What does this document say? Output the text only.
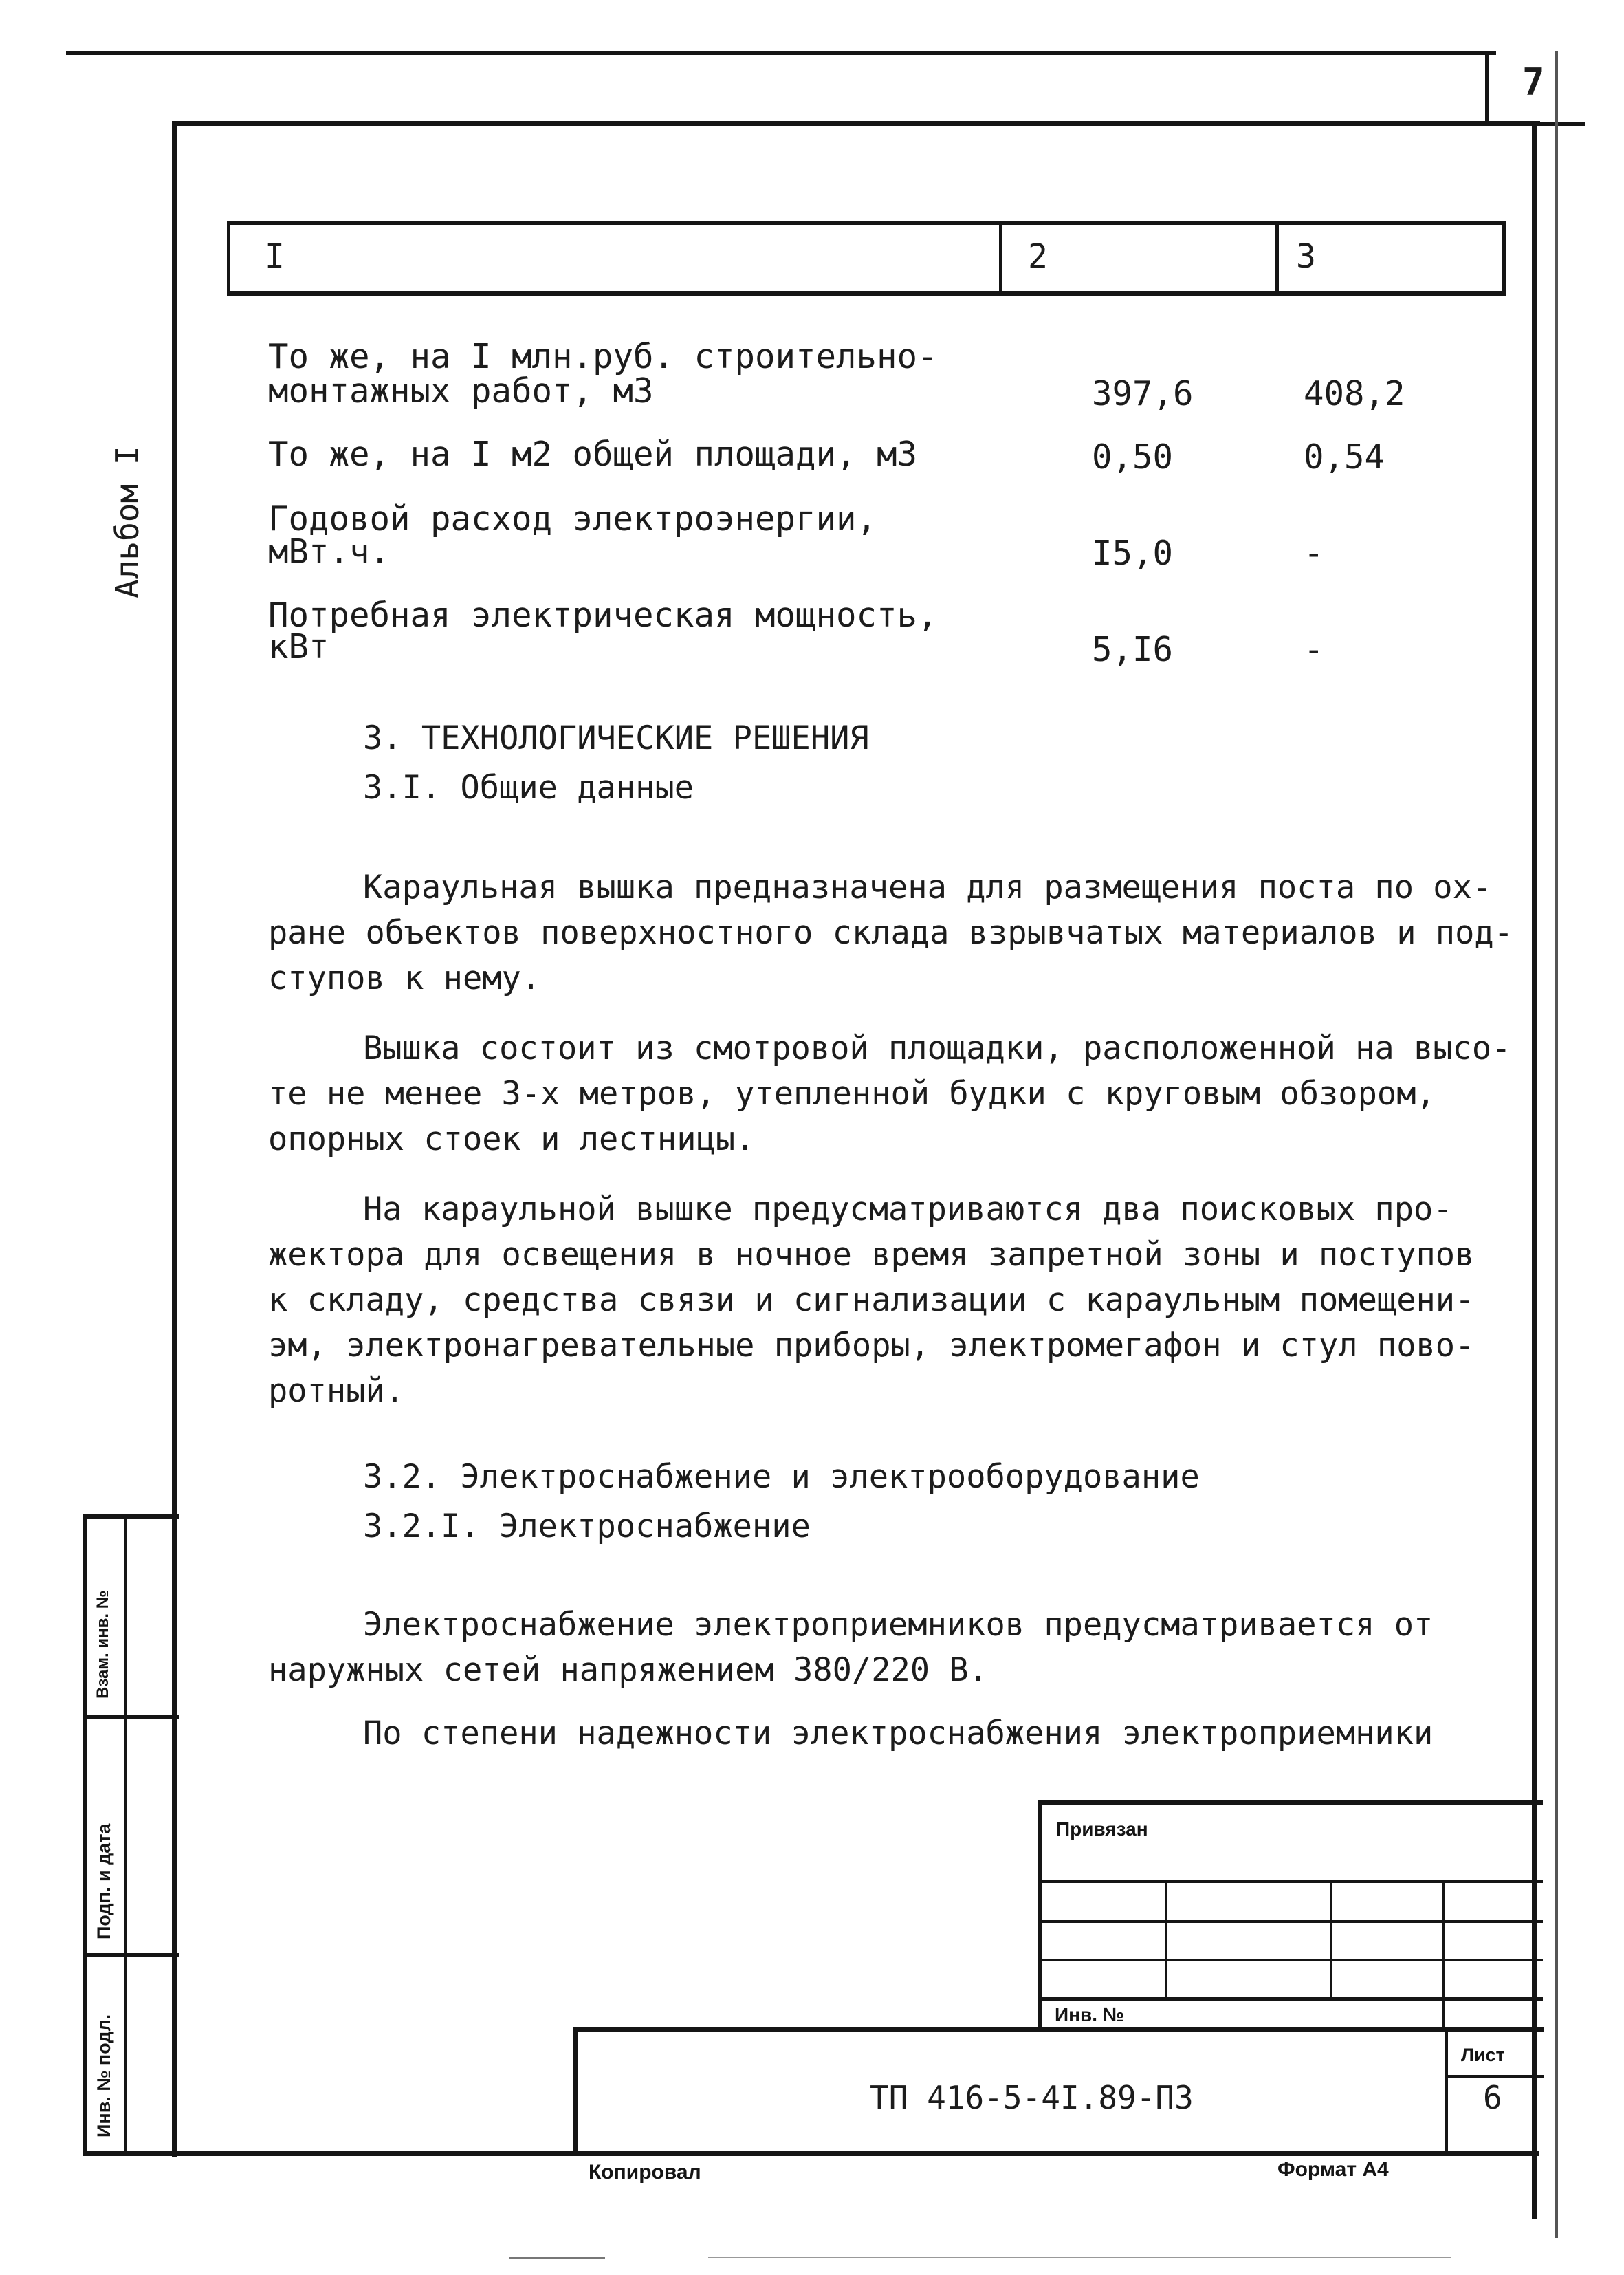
7
Альбом I
I	2	3
То же, на I млн.руб. строительно-
монтажных работ, м3	397,6	408,2
То же, на I м2 общей площади, м3	0,50	0,54
Годовой расход электроэнергии,
мВт.ч.	I5,0	-
Потребная электрическая мощность,
кВт	5,I6	-
3. ТЕХНОЛОГИЧЕСКИЕ РЕШЕНИЯ
3.I. Общие данные
Караульная вышка предназначена для размещения поста по ох-
ране объектов поверхностного склада взрывчатых материалов и под-
ступов к нему.
Вышка состоит из смотровой площадки, расположенной на высо-
те не менее 3-х метров, утепленной будки с круговым обзором,
опорных стоек и лестницы.
На караульной вышке предусматриваются два поисковых про-
жектора для освещения в ночное время запретной зоны и поступов
к складу, средства связи и сигнализации с караульным помещени-
эм, электронагревательные приборы, электромегафон и стул пово-
ротный.
3.2. Электроснабжение и электрооборудование
3.2.I. Электроснабжение
Электроснабжение электроприемников предусматривается от
наружных сетей напряжением 380/220 В.
По степени надежности электроснабжения электроприемники
Взам. инв. №
Подп. и дата
Инв. № подл.
Привязан
Инв. №
Лист
ТП 416-5-4I.89-ПЗ	6
Копировал	Формат А4
